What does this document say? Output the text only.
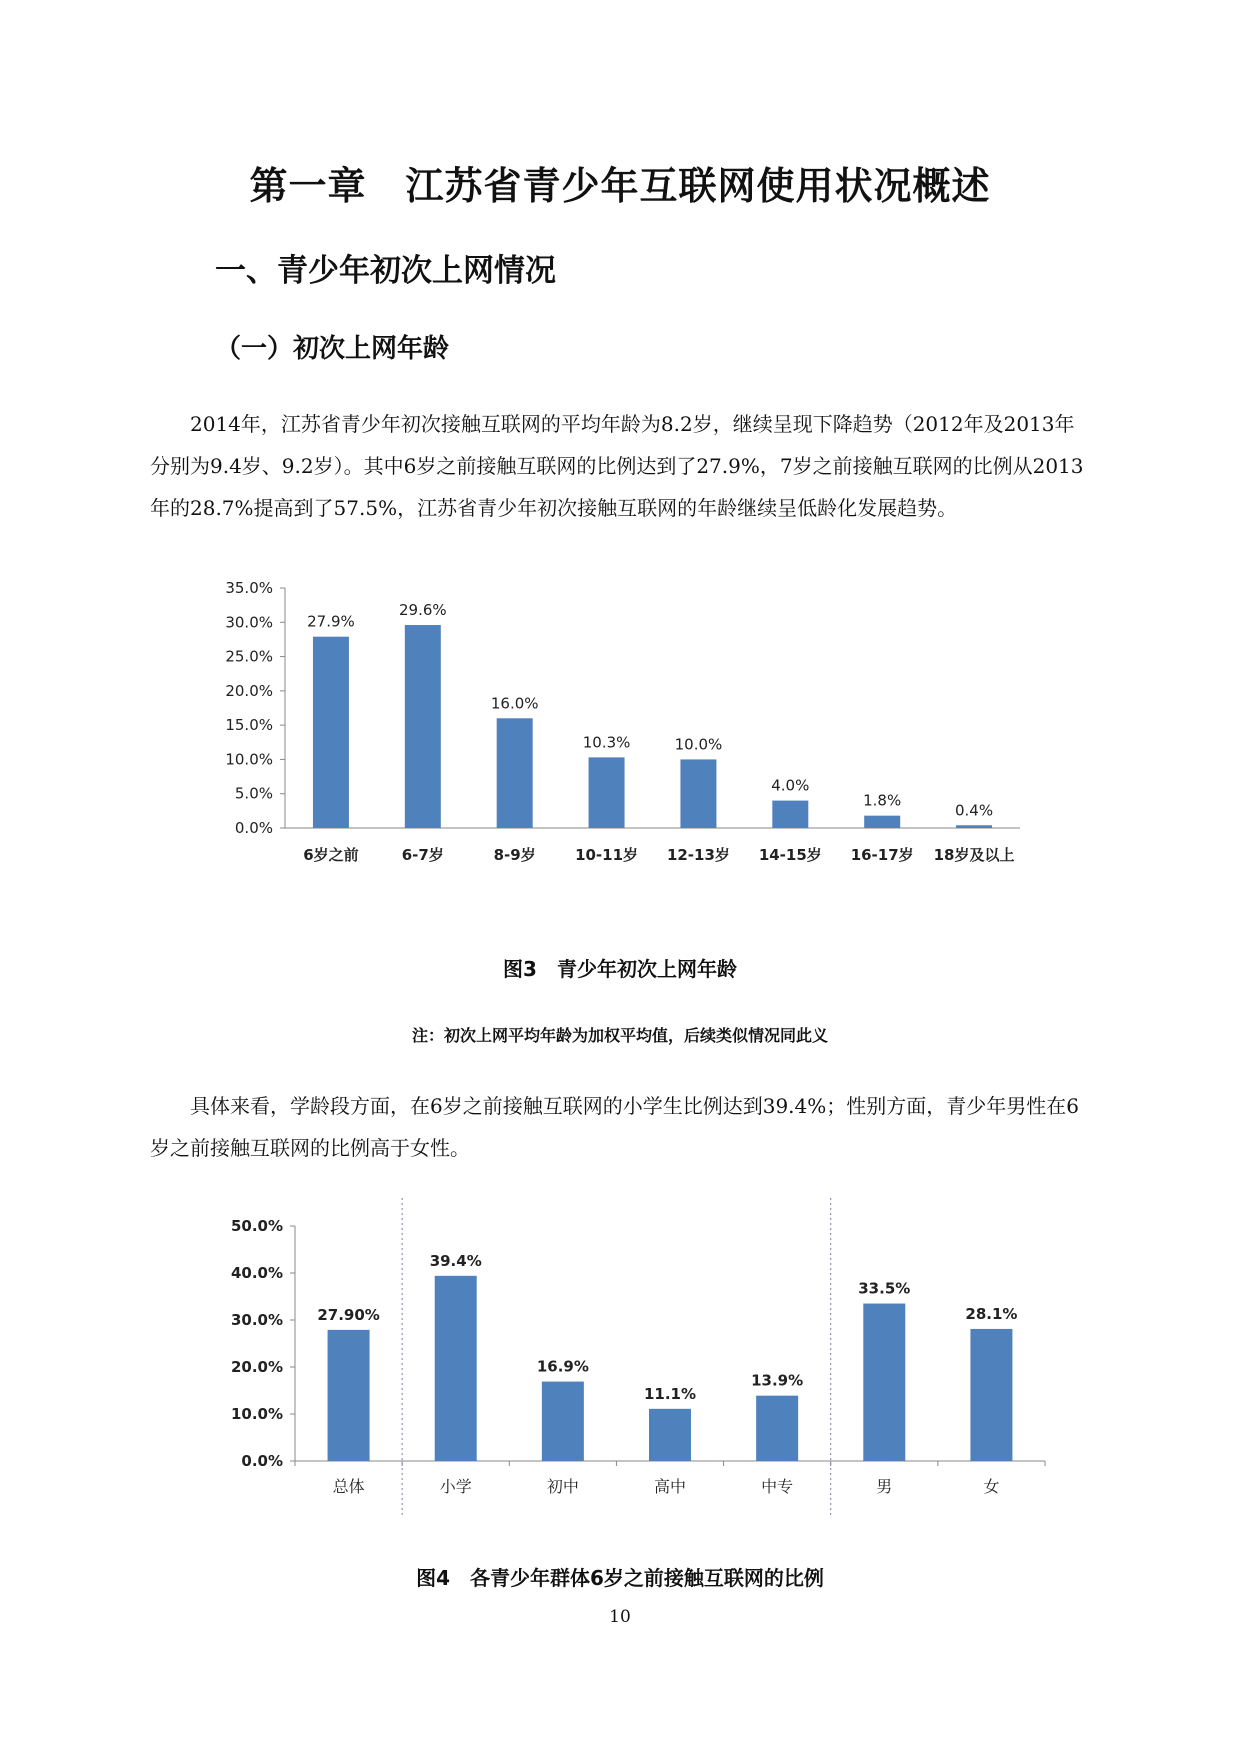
第一章　江苏省青少年互联网使用状况概述
一、青少年初次上网情况
（一）初次上网年龄
2014年，江苏省青少年初次接触互联网的平均年龄为8.2岁，继续呈现下降趋势（2012年及2013年分别为9.4岁、9.2岁）。其中6岁之前接触互联网的比例达到了27.9%，7岁之前接触互联网的比例从2013年的28.7%提高到了57.5%，江苏省青少年初次接触互联网的年龄继续呈低龄化发展趋势。
0.0%
5.0%
10.0%
15.0%
20.0%
25.0%
30.0%
35.0%
27.9%
6岁之前
29.6%
6-7岁
16.0%
8-9岁
10.3%
10-11岁
10.0%
12-13岁
4.0%
14-15岁
1.8%
16-17岁
0.4%
18岁及以上
图3　青少年初次上网年龄
注：初次上网平均年龄为加权平均值，后续类似情况同此义
具体来看，学龄段方面，在6岁之前接触互联网的小学生比例达到39.4%；性别方面，青少年男性在6岁之前接触互联网的比例高于女性。
0.0%
10.0%
20.0%
30.0%
40.0%
50.0%
27.90%
总体
39.4%
小学
16.9%
初中
11.1%
高中
13.9%
中专
33.5%
男
28.1%
女
图4　各青少年群体6岁之前接触互联网的比例
10
